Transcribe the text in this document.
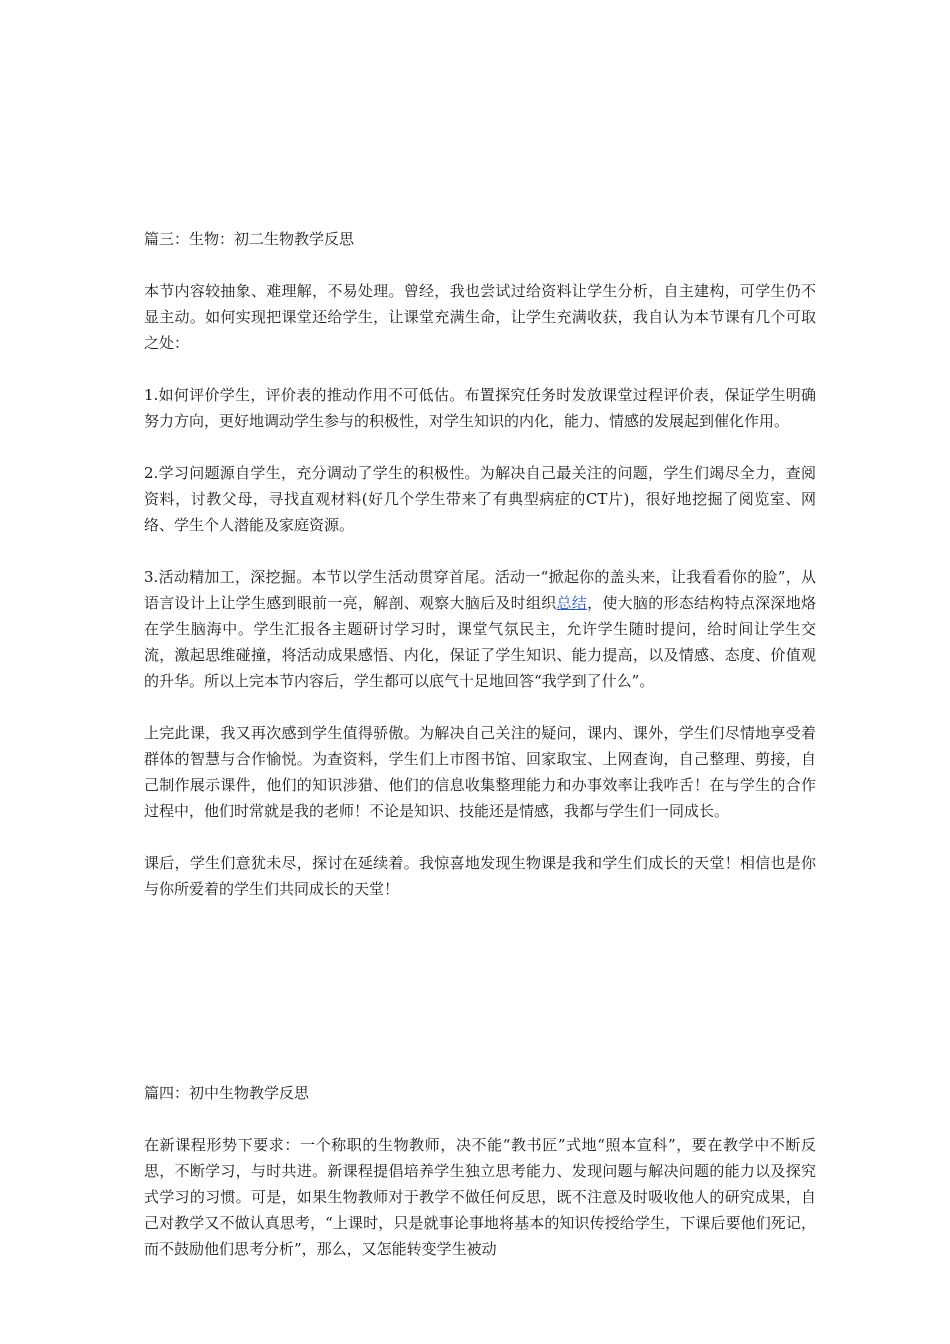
篇三：生物：初二生物教学反思

本节内容较抽象、难理解，不易处理。曾经，我也尝试过给资料让学生分析，自主建构，可学生仍不显主动。如何实现把课堂还给学生，让课堂充满生命，让学生充满收获，我自认为本节课有几个可取之处：

1.如何评价学生，评价表的推动作用不可低估。布置探究任务时发放课堂过程评价表，保证学生明确努力方向，更好地调动学生参与的积极性，对学生知识的内化，能力、情感的发展起到催化作用。

2.学习问题源自学生，充分调动了学生的积极性。为解决自己最关注的问题，学生们竭尽全力，查阅资料，讨教父母，寻找直观材料(好几个学生带来了有典型病症的CT片)，很好地挖掘了阅览室、网络、学生个人潜能及家庭资源。

3.活动精加工，深挖掘。本节以学生活动贯穿首尾。活动一“掀起你的盖头来，让我看看你的脸”，从语言设计上让学生感到眼前一亮，解剖、观察大脑后及时组织总结，使大脑的形态结构特点深深地烙在学生脑海中。学生汇报各主题研讨学习时，课堂气氛民主，允许学生随时提问，给时间让学生交流，激起思维碰撞，将活动成果感悟、内化，保证了学生知识、能力提高，以及情感、态度、价值观的升华。所以上完本节内容后，学生都可以底气十足地回答“我学到了什么”。

上完此课，我又再次感到学生值得骄傲。为解决自己关注的疑问，课内、课外，学生们尽情地享受着群体的智慧与合作愉悦。为查资料，学生们上市图书馆、回家取宝、上网查询，自己整理、剪接，自己制作展示课件，他们的知识涉猎、他们的信息收集整理能力和办事效率让我咋舌！在与学生的合作过程中，他们时常就是我的老师！不论是知识、技能还是情感，我都与学生们一同成长。

课后，学生们意犹未尽，探讨在延续着。我惊喜地发现生物课是我和学生们成长的天堂！相信也是你与你所爱着的学生们共同成长的天堂！

篇四：初中生物教学反思

在新课程形势下要求：一个称职的生物教师，决不能“教书匠”式地“照本宣科”，要在教学中不断反思，不断学习，与时共进。新课程提倡培养学生独立思考能力、发现问题与解决问题的能力以及探究式学习的习惯。可是，如果生物教师对于教学不做任何反思，既不注意及时吸收他人的研究成果，自己对教学又不做认真思考，“上课时，只是就事论事地将基本的知识传授给学生，下课后要他们死记，而不鼓励他们思考分析”，那么，又怎能转变学生被动
